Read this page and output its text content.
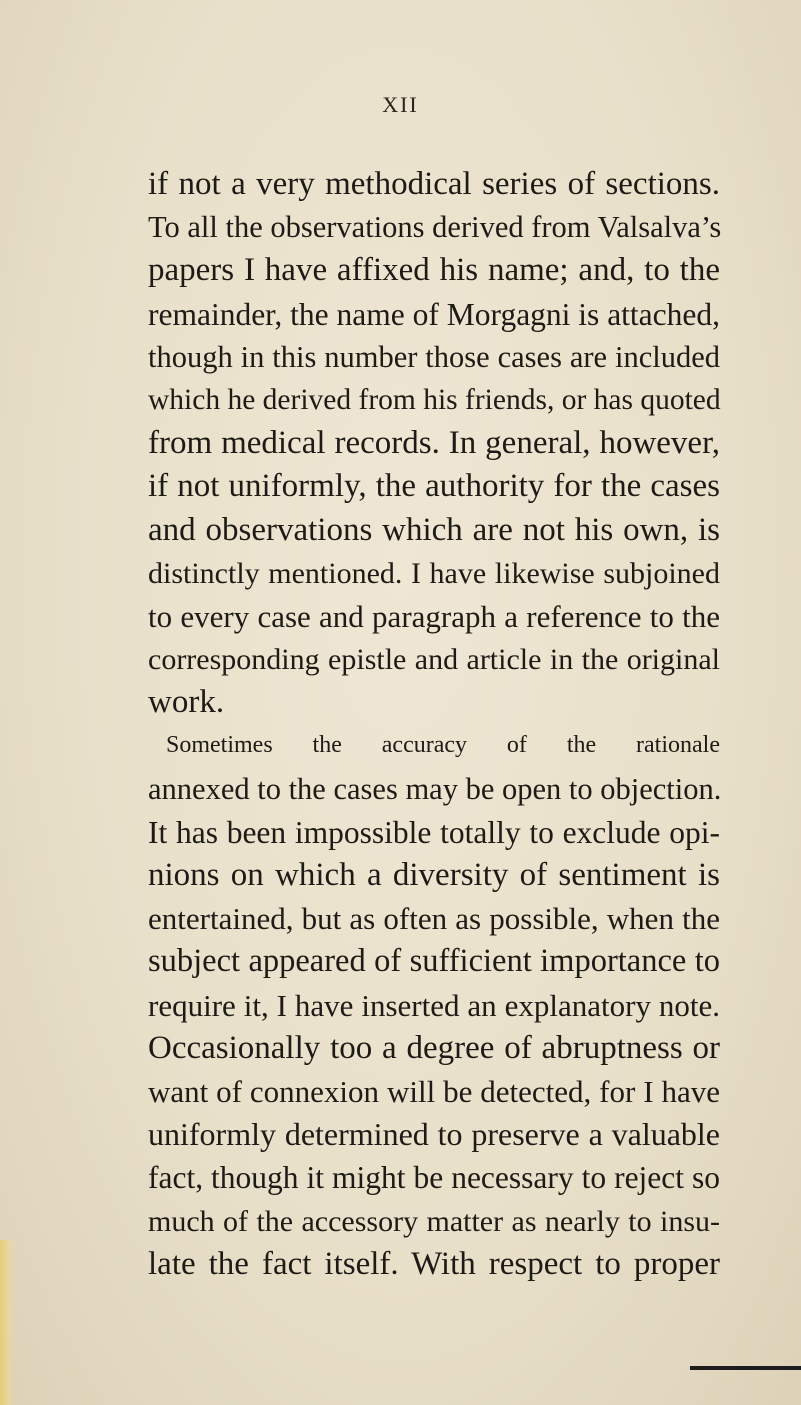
XII
if not a very methodical series of sections.
To all the observations derived from Valsalva’s
papers I have affixed his name; and, to the
remainder, the name of Morgagni is attached,
though in this number those cases are included
which he derived from his friends, or has quoted
from medical records. In general, however,
if not uniformly, the authority for the cases
and observations which are not his own, is
distinctly mentioned. I have likewise subjoined
to every case and paragraph a reference to the
corresponding epistle and article in the original
work.
Sometimes the accuracy of the rationale
annexed to the cases may be open to objection.
It has been impossible totally to exclude opi-
nions on which a diversity of sentiment is
entertained, but as often as possible, when the
subject appeared of sufficient importance to
require it, I have inserted an explanatory note.
Occasionally too a degree of abruptness or
want of connexion will be detected, for I have
uniformly determined to preserve a valuable
fact, though it might be necessary to reject so
much of the accessory matter as nearly to insu-
late the fact itself. With respect to proper
